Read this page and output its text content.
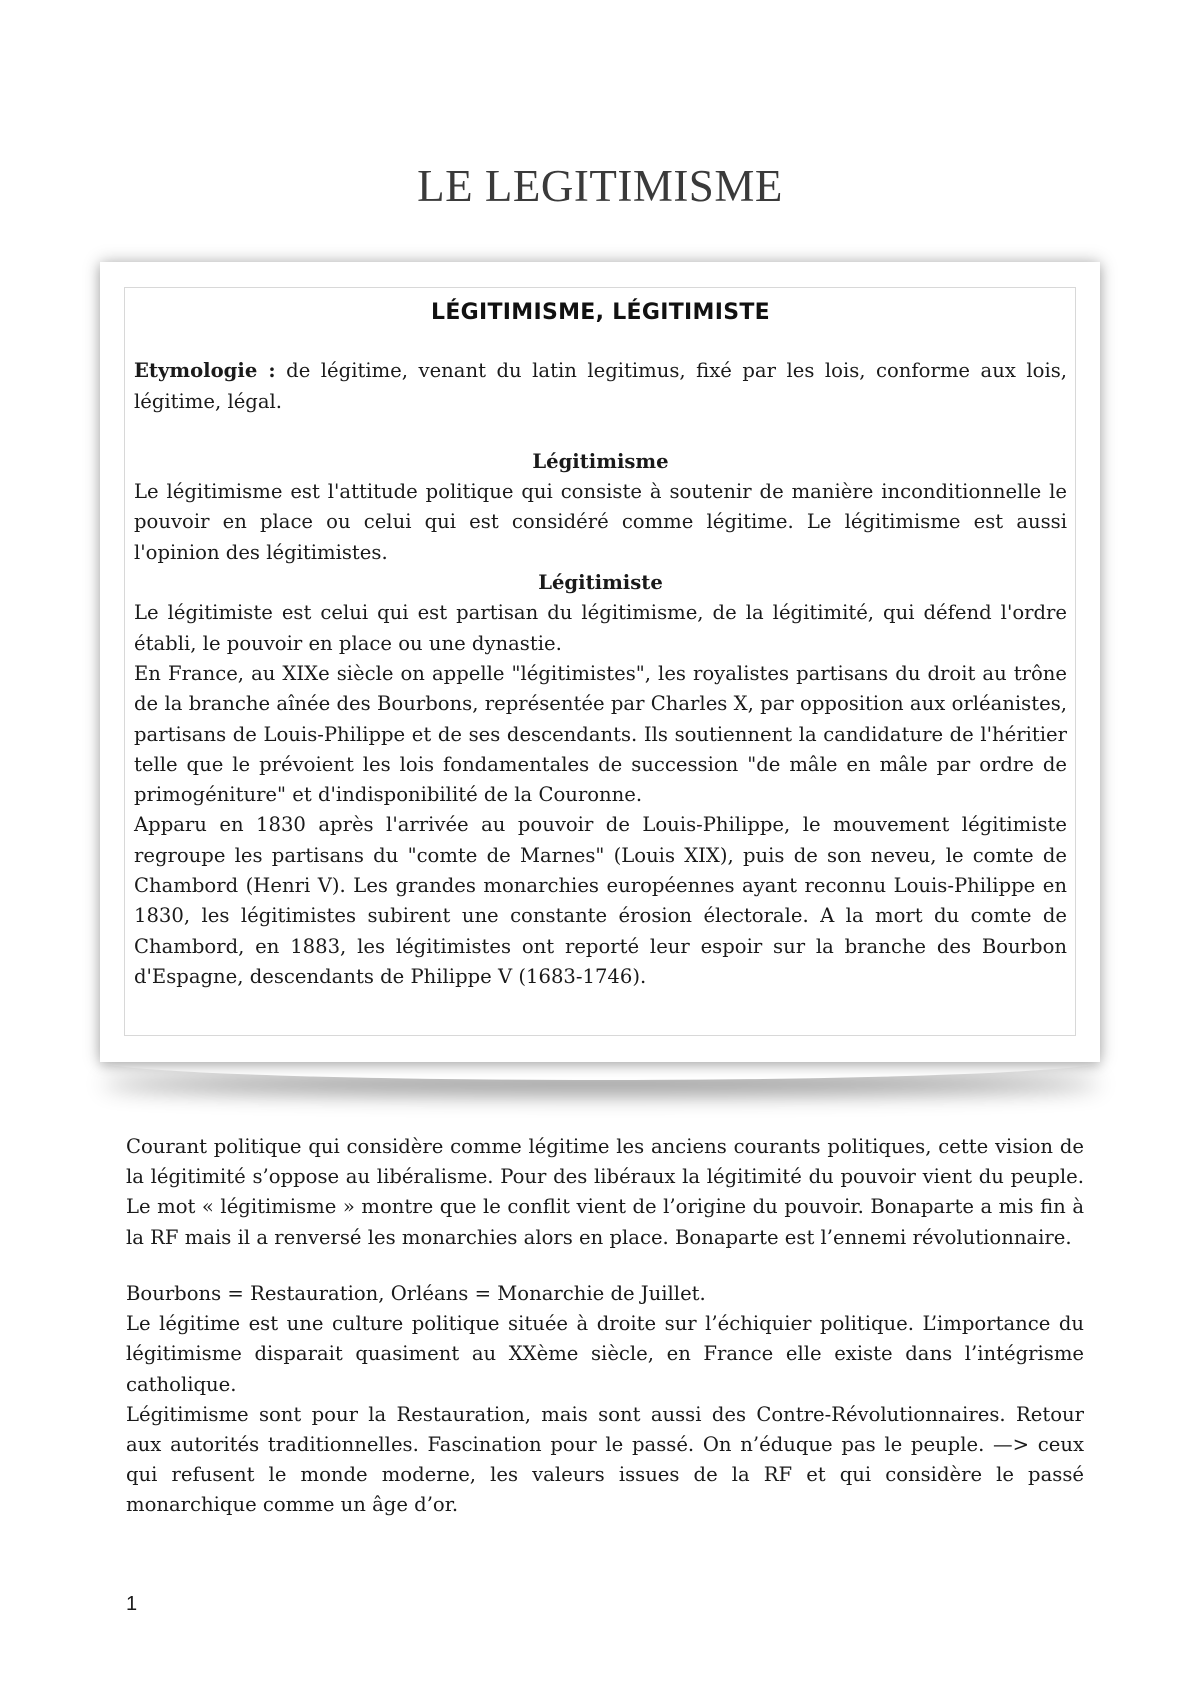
LE LEGITIMISME
LÉGITIMISME, LÉGITIMISTE

Etymologie : de légitime, venant du latin legitimus, fixé par les lois, conforme aux lois, légitime, légal.

Légitimisme

Le légitimisme est l'attitude politique qui consiste à soutenir de manière inconditionnelle le pouvoir en place ou celui qui est considéré comme légitime. Le légitimisme est aussi l'opinion des légitimistes.

Légitimiste

Le légitimiste est celui qui est partisan du légitimisme, de la légitimité, qui défend l'ordre établi, le pouvoir en place ou une dynastie.

En France, au XIXe siècle on appelle "légitimistes", les royalistes partisans du droit au trône de la branche aînée des Bourbons, représentée par Charles X, par opposition aux orléanistes, partisans de Louis-Philippe et de ses descendants. Ils soutiennent la candidature de l'héritier telle que le prévoient les lois fondamentales de succession "de mâle en mâle par ordre de primogéniture" et d'indisponibilité de la Couronne.

Apparu en 1830 après l'arrivée au pouvoir de Louis-Philippe, le mouvement légitimiste regroupe les partisans du "comte de Marnes" (Louis XIX), puis de son neveu, le comte de Chambord (Henri V). Les grandes monarchies européennes ayant reconnu Louis-Philippe en 1830, les légitimistes subirent une constante érosion électorale. A la mort du comte de Chambord, en 1883, les légitimistes ont reporté leur espoir sur la branche des Bourbon d'Espagne, descendants de Philippe V (1683-1746).

Courant politique qui considère comme légitime les anciens courants politiques, cette vision de la légitimité s’oppose au libéralisme. Pour des libéraux la légitimité du pouvoir vient du peuple. Le mot « légitimisme » montre que le conflit vient de l’origine du pouvoir. Bonaparte a mis fin à la RF mais il a renversé les monarchies alors en place. Bonaparte est l’ennemi révolutionnaire.

Bourbons = Restauration, Orléans = Monarchie de Juillet.

Le légitime est une culture politique située à droite sur l’échiquier politique. L’importance du légitimisme disparait quasiment au XXème siècle, en France elle existe dans l’intégrisme catholique.

Légitimisme sont pour la Restauration, mais sont aussi des Contre-Révolutionnaires. Retour aux autorités traditionnelles. Fascination pour le passé. On n’éduque pas le peuple. —> ceux qui refusent le monde moderne, les valeurs issues de la RF et qui considère le passé monarchique comme un âge d’or.

1
